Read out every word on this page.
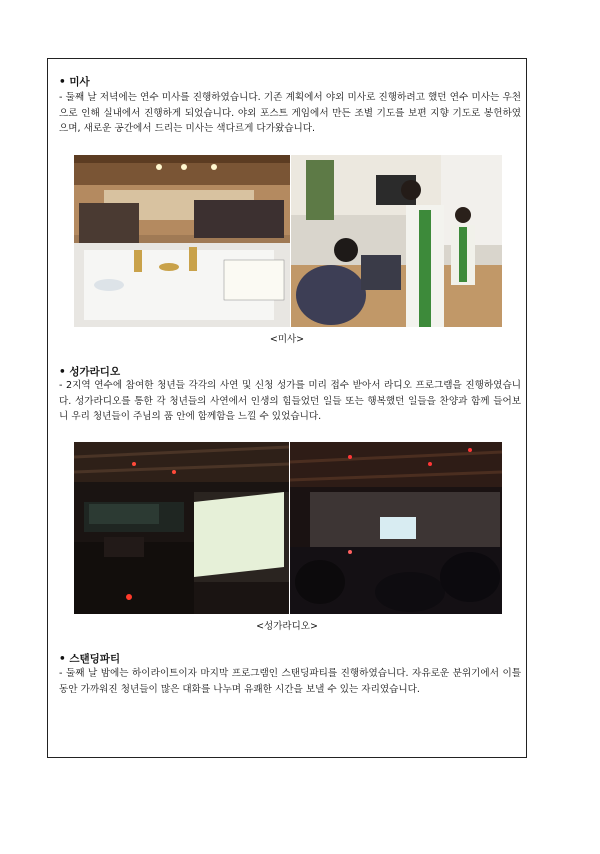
• 미사

- 둘째 날 저녁에는 연수 미사를 진행하였습니다. 기존 계획에서 야외 미사로 진행하려고 했던 연수 미사는 우천으로 인해 실내에서 진행하게 되었습니다. 야외 포스트 게임에서 만든 조별 기도를 보편 지향 기도로 봉헌하였으며, 새로운 공간에서 드리는 미사는 색다르게 다가왔습니다.

<미사>
• 성가라디오

- 2지역 연수에 참여한 청년들 각각의 사연 및 신청 성가를 미리 접수 받아서 라디오 프로그램을 진행하였습니다. 성가라디오를 통한 각 청년들의 사연에서 인생의 힘들었던 일들 또는 행복했던 일들을 찬양과 함께 들어보니 우리 청년들이 주님의 품 안에 함께함을 느낄 수 있었습니다.

<성가라디오>
• 스탠딩파티

- 둘째 날 밤에는 하이라이트이자 마지막 프로그램인 스탠딩파티를 진행하였습니다. 자유로운 분위기에서 이틀 동안 가까워진 청년들이 많은 대화를 나누며 유쾌한 시간을 보낼 수 있는 자리였습니다.
